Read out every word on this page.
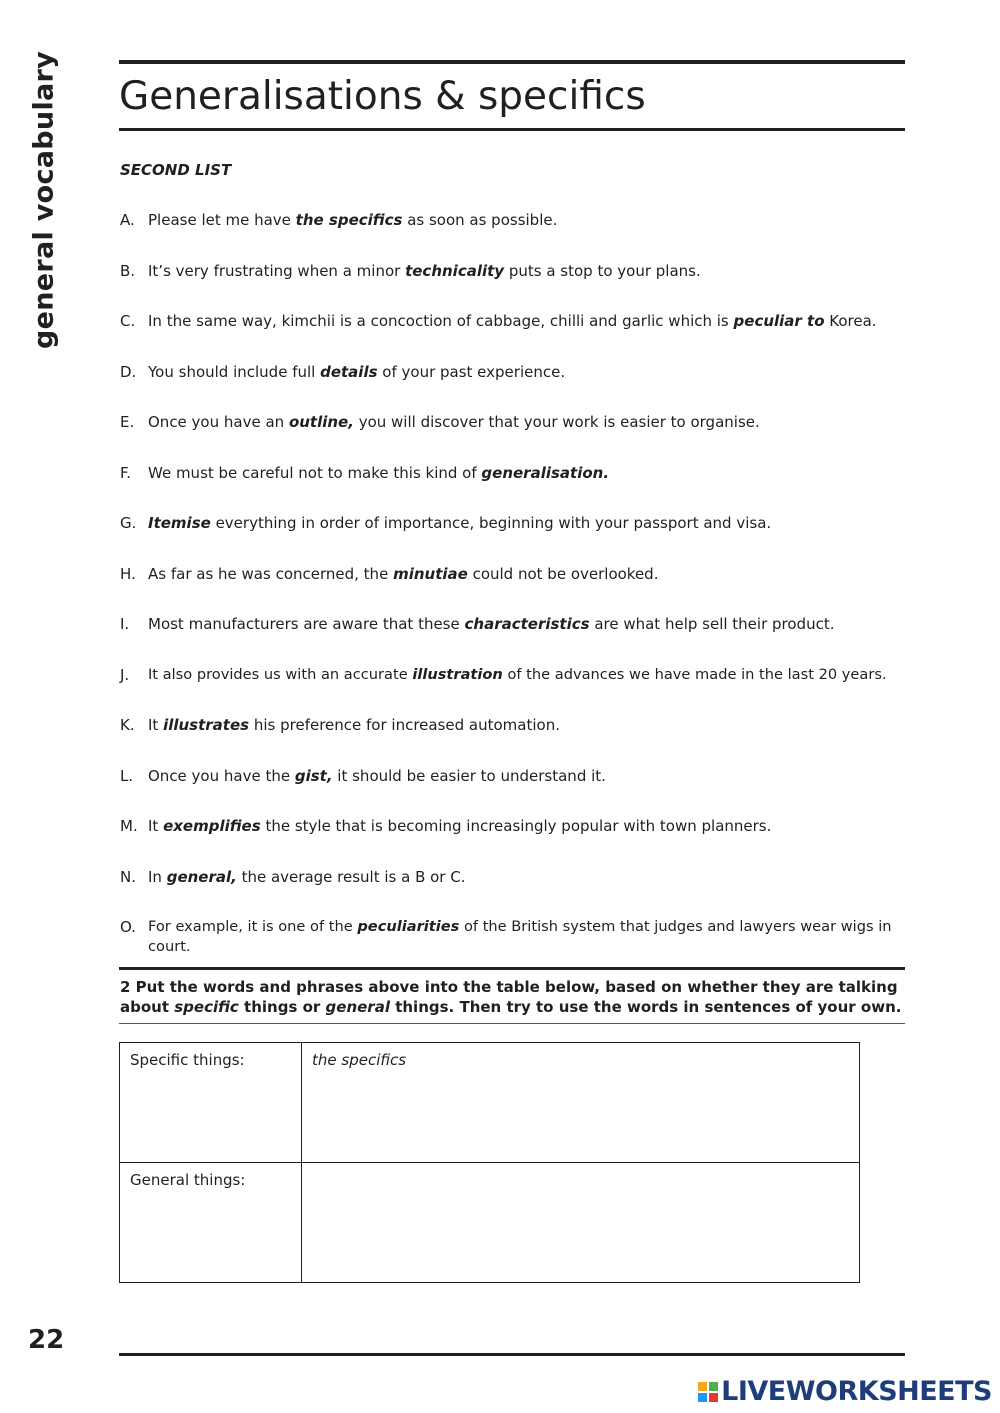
general vocabulary Generalisations & specifics
SECOND LIST
A. Please let me have the specifics as soon as possible.
B. It’s very frustrating when a minor technicality puts a stop to your plans.
C. In the same way, kimchii is a concoction of cabbage, chilli and garlic which is peculiar to Korea.
D. You should include full details of your past experience.
E. Once you have an outline, you will discover that your work is easier to organise.
F. We must be careful not to make this kind of generalisation.
G. Itemise everything in order of importance, beginning with your passport and visa.
H. As far as he was concerned, the minutiae could not be overlooked.
I. Most manufacturers are aware that these characteristics are what help sell their product.
J. It also provides us with an accurate illustration of the advances we have made in the last 20 years.
K. It illustrates his preference for increased automation.
L. Once you have the gist, it should be easier to understand it.
M. It exemplifies the style that is becoming increasingly popular with town planners.
N. In general, the average result is a B or C.
O. For example, it is one of the peculiarities of the British system that judges and lawyers wear wigs in court.
2 Put the words and phrases above into the table below, based on whether they are talking about specific things or general things. Then try to use the words in sentences of your own.
Specific things:	the specifics
General things:	
22
LIVEWORKSHEETS
